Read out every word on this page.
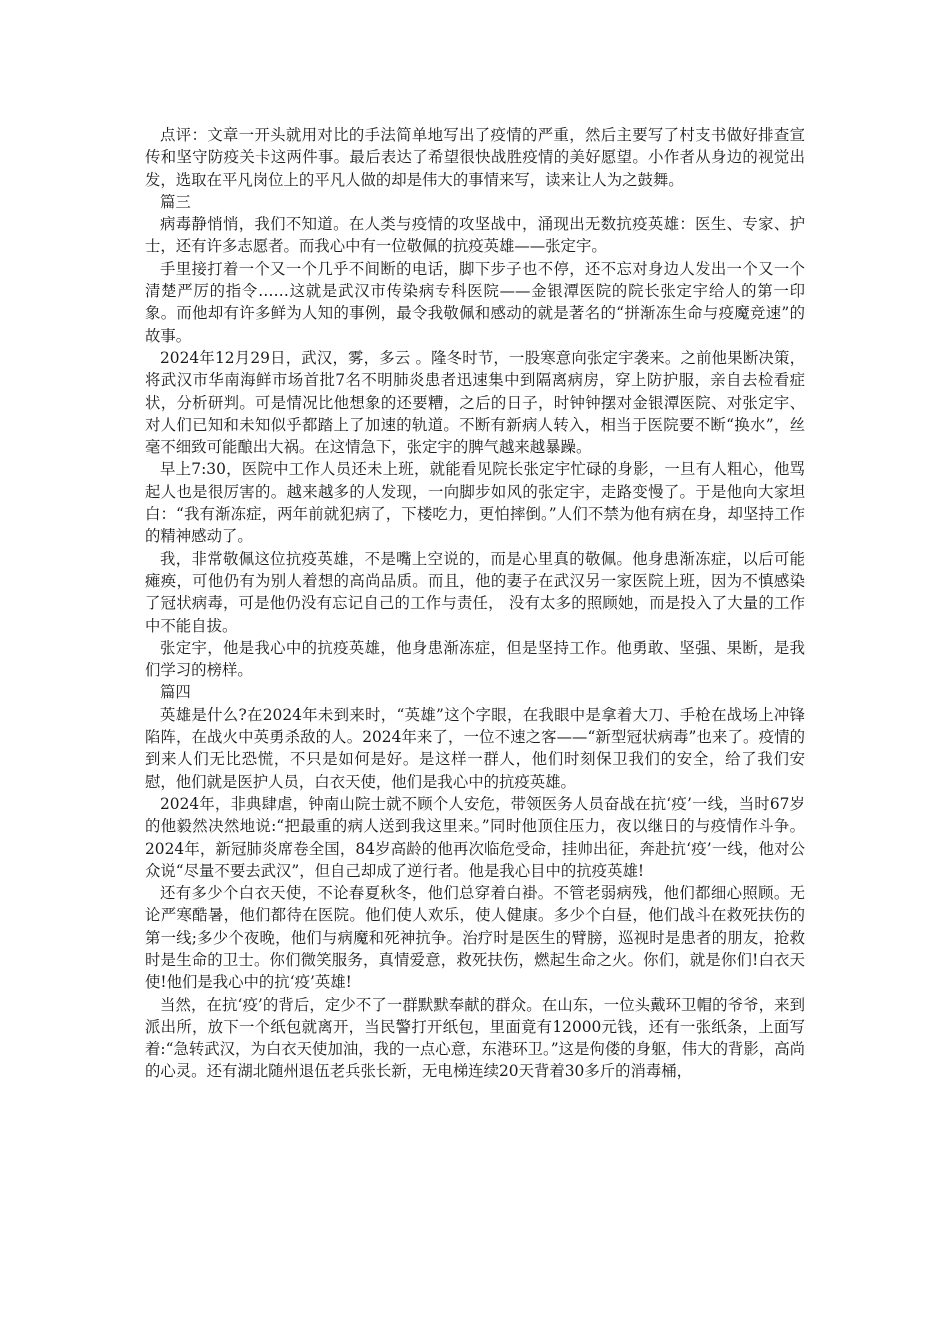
点评：文章一开头就用对比的手法简单地写出了疫情的严重，然后主要写了村支书做好排查宣传和坚守防疫关卡这两件事。最后表达了希望很快战胜疫情的美好愿望。小作者从身边的视觉出发，选取在平凡岗位上的平凡人做的却是伟大的事情来写，读来让人为之鼓舞。

篇三

病毒静悄悄，我们不知道。在人类与疫情的攻坚战中，涌现出无数抗疫英雄：医生、专家、护士，还有许多志愿者。而我心中有一位敬佩的抗疫英雄——张定宇。

手里接打着一个又一个几乎不间断的电话，脚下步子也不停，还不忘对身边人发出一个又一个清楚严厉的指令……这就是武汉市传染病专科医院——金银潭医院的院长张定宇给人的第一印象。而他却有许多鲜为人知的事例，最令我敬佩和感动的就是著名的“拼渐冻生命与疫魔竞速”的故事。

2024年12月29日，武汉，雾，多云 。隆冬时节，一股寒意向张定宇袭来。之前他果断决策，将武汉市华南海鲜市场首批7名不明肺炎患者迅速集中到隔离病房，穿上防护服，亲自去检看症状，分析研判。可是情况比他想象的还要糟，之后的日子，时钟钟摆对金银潭医院、对张定宇、对人们已知和未知似乎都踏上了加速的轨道。不断有新病人转入，相当于医院要不断“换水”，丝毫不细致可能酿出大祸。在这情急下，张定宇的脾气越来越暴躁。

早上7:30，医院中工作人员还未上班，就能看见院长张定宇忙碌的身影，一旦有人粗心，他骂起人也是很厉害的。越来越多的人发现，一向脚步如风的张定宇，走路变慢了。于是他向大家坦白：“我有渐冻症，两年前就犯病了，下楼吃力，更怕摔倒。”人们不禁为他有病在身，却坚持工作的精神感动了。

我，非常敬佩这位抗疫英雄，不是嘴上空说的，而是心里真的敬佩。他身患渐冻症，以后可能瘫痪，可他仍有为别人着想的高尚品质。而且，他的妻子在武汉另一家医院上班，因为不慎感染了冠状病毒，可是他仍没有忘记自己的工作与责任， 没有太多的照顾她，而是投入了大量的工作中不能自拔。

张定宇，他是我心中的抗疫英雄，他身患渐冻症，但是坚持工作。他勇敢、坚强、果断，是我们学习的榜样。

篇四

英雄是什么?在2024年未到来时，“英雄”这个字眼，在我眼中是拿着大刀、手枪在战场上冲锋陷阵，在战火中英勇杀敌的人。2024年来了，一位不速之客——“新型冠状病毒”也来了。疫情的到来人们无比恐慌，不只是如何是好。是这样一群人，他们时刻保卫我们的安全，给了我们安慰，他们就是医护人员，白衣天使，他们是我心中的抗疫英雄。

2024年，非典肆虐，钟南山院士就不顾个人安危，带领医务人员奋战在抗‘疫’一线，当时67岁的他毅然决然地说:“把最重的病人送到我这里来。”同时他顶住压力，夜以继日的与疫情作斗争。2024年，新冠肺炎席卷全国，84岁高龄的他再次临危受命，挂帅出征，奔赴抗‘疫’一线，他对公众说“尽量不要去武汉”，但自己却成了逆行者。他是我心目中的抗疫英雄!

还有多少个白衣天使，不论春夏秋冬，他们总穿着白褂。不管老弱病残，他们都细心照顾。无论严寒酷暑，他们都待在医院。他们使人欢乐，使人健康。多少个白昼，他们战斗在救死扶伤的第一线;多少个夜晚，他们与病魔和死神抗争。治疗时是医生的臂膀，巡视时是患者的朋友，抢救时是生命的卫士。你们微笑服务，真情爱意，救死扶伤，燃起生命之火。你们，就是你们!白衣天使!他们是我心中的抗‘疫’英雄!

当然，在抗‘疫’的背后，定少不了一群默默奉献的群众。在山东，一位头戴环卫帽的爷爷，来到派出所，放下一个纸包就离开，当民警打开纸包，里面竟有12000元钱，还有一张纸条，上面写着:“急转武汉，为白衣天使加油，我的一点心意，东港环卫。”这是佝偻的身躯，伟大的背影，高尚的心灵。还有湖北随州退伍老兵张长新，无电梯连续20天背着30多斤的消毒桶，
